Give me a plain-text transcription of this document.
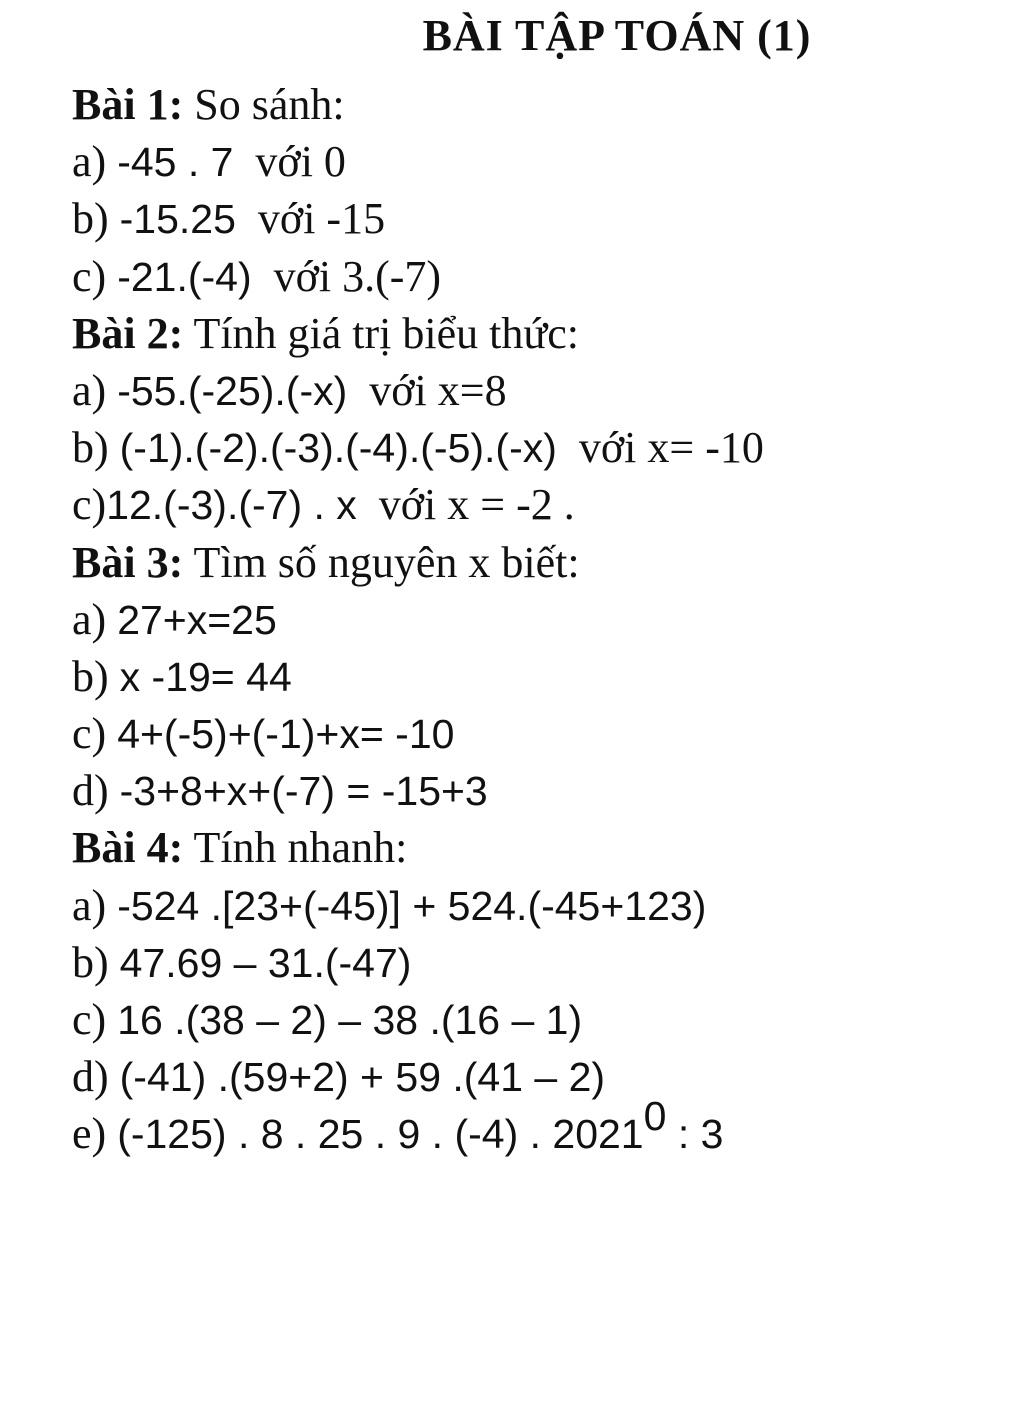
BÀI TẬP TOÁN (1)
Bài 1: So sánh:
a) -45 . 7  với 0
b) -15.25  với -15
c) -21.(-4)  với 3.(-7)
Bài 2: Tính giá trị biểu thức:
a) -55.(-25).(-x)  với x=8
b) (-1).(-2).(-3).(-4).(-5).(-x)  với x= -10
c)12.(-3).(-7) . x  với x = -2 .
Bài 3: Tìm số nguyên x biết:
a) 27+x=25
b) x -19= 44
c) 4+(-5)+(-1)+x= -10
d) -3+8+x+(-7) = -15+3
Bài 4: Tính nhanh:
a) -524 .[23+(-45)] + 524.(-45+123)
b) 47.69 – 31.(-47)
c) 16 .(38 – 2) – 38 .(16 – 1)
d) (-41) .(59+2) + 59 .(41 – 2)
e) (-125) . 8 . 25 . 9 . (-4) . 2021$^0$ : 3
